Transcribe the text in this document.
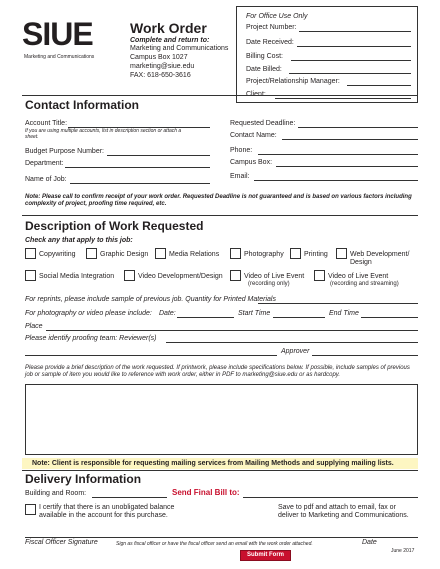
SIUE
Marketing and Communications
Work Order
Complete and return to:
Marketing and Communications
Campus Box 1027
marketing@siue.edu
FAX: 618-650-3616
For Office Use Only
Project Number:
Date Received:
Billing Cost:
Date Billed:
Project/Relationship Manager:
Client:
Contact Information
Account Title:
If you are using multiple accounts, list in description section or attach a sheet.
Budget Purpose Number:
Department:
Name of Job:
Requested Deadline:
Contact Name:
Phone:
Campus Box:
Email:
Note: Please call to confirm receipt of your work order. Requested Deadline is not guaranteed and is based on various factors including complexity of project, proofing time required, etc.
Description of Work Requested
Check any that apply to this job:
Copywriting	Graphic Design	Media Relations	Photography	Printing	Web Development/
Design
Social Media Integration	Video Development/Design	Video of Live Event
(recording only)
Video of Live Event
(recording and streaming)
For reprints, please include sample of previous job. Quantity for Printed Materials
For photography or video please include: Date:	Start Time	End Time
Place
Please identify proofing team: Reviewer(s)
Approver
Please provide a brief description of the work requested. If printwork, please include specifications below. If possible, include samples of previous job or sample of item you would like to reference with work order, either in PDF to marketing@siue.edu or as hardcopy.
Note: Client is responsible for requesting mailing services from Mailing Methods and supplying mailing lists.
Delivery Information
Building and Room:	Send Final Bill to:
I certify that there is an unobligated balance available in the account for this purchase.
Save to pdf and attach to email, fax or deliver to Marketing and Communications.
Fiscal Officer Signature	Sign as fiscal officer or have the fiscal officer send an email with the work order attached.	Date
June 2017
Submit Form
